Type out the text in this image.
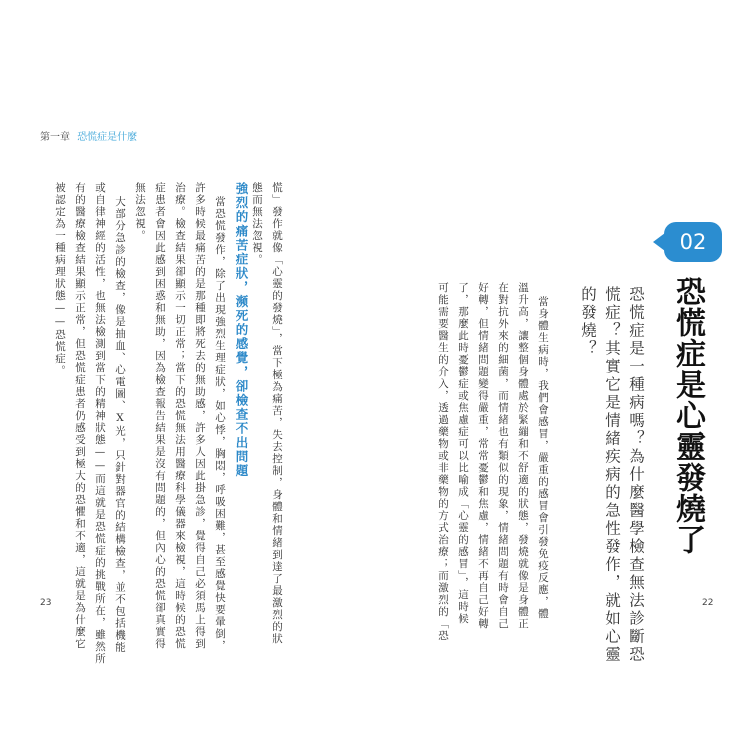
第一章 恐慌症是什麼
慌」發作就像「心靈的發燒」，當下極為痛苦，失去控制，身體和情緒到達了最激烈的狀
態而無法忽視。
強烈的痛苦症狀，濒死的感覺，卻檢查不出問題
當恐慌發作，除了出現強烈生理症狀，如心悸，胸悶，呼吸困難，甚至感覺快要暈倒，
許多時候最痛苦的是那種即將死去的無助感，許多人因此掛急診，覺得自己必須馬上得到
治療。檢查結果卻顯示一切正常；當下的恐慌無法用醫療科學儀器來檢視，這時候的恐慌
症患者會因此感到困惑和無助，因為檢查報告結果是沒有問題的，但內心的恐慌卻真實得
無法忽視。
大部分急診的檢查，像是抽血、心電圖、X光，只針對器官的結構檢查，並不包括機能
或自律神經的活性，也無法檢測到當下的精神狀態——而這就是恐慌症的挑戰所在，雖然所
有的醫療檢查結果顯示正常，但恐慌症患者仍感受到極大的恐懼和不適，這就是為什麼它
被認定為一種病理狀態——恐慌症。
23
02
恐慌症是心靈發燒了
恐慌症是一種病嗎？為什麼醫學檢查無法診斷恐
慌症？其實它是情緒疾病的急性發作，就如心靈
的發燒？
當身體生病時，我們會感冒，嚴重的感冒會引發免疫反應，體
溫升高，讓整個身體處於緊繃和不舒適的狀態，發燒就像是身體正
在對抗外來的細菌，而情緒也有類似的現象，情緒問題有時會自己
好轉，但情緒問題變得嚴重，常常憂鬱和焦慮，情緒不再自己好轉
了，那麼此時憂鬱症或焦慮症可以比喻成「心靈的感冒」，這時候
可能需要醫生的介入，透過藥物或非藥物的方式治療；而激烈的「恐	22
